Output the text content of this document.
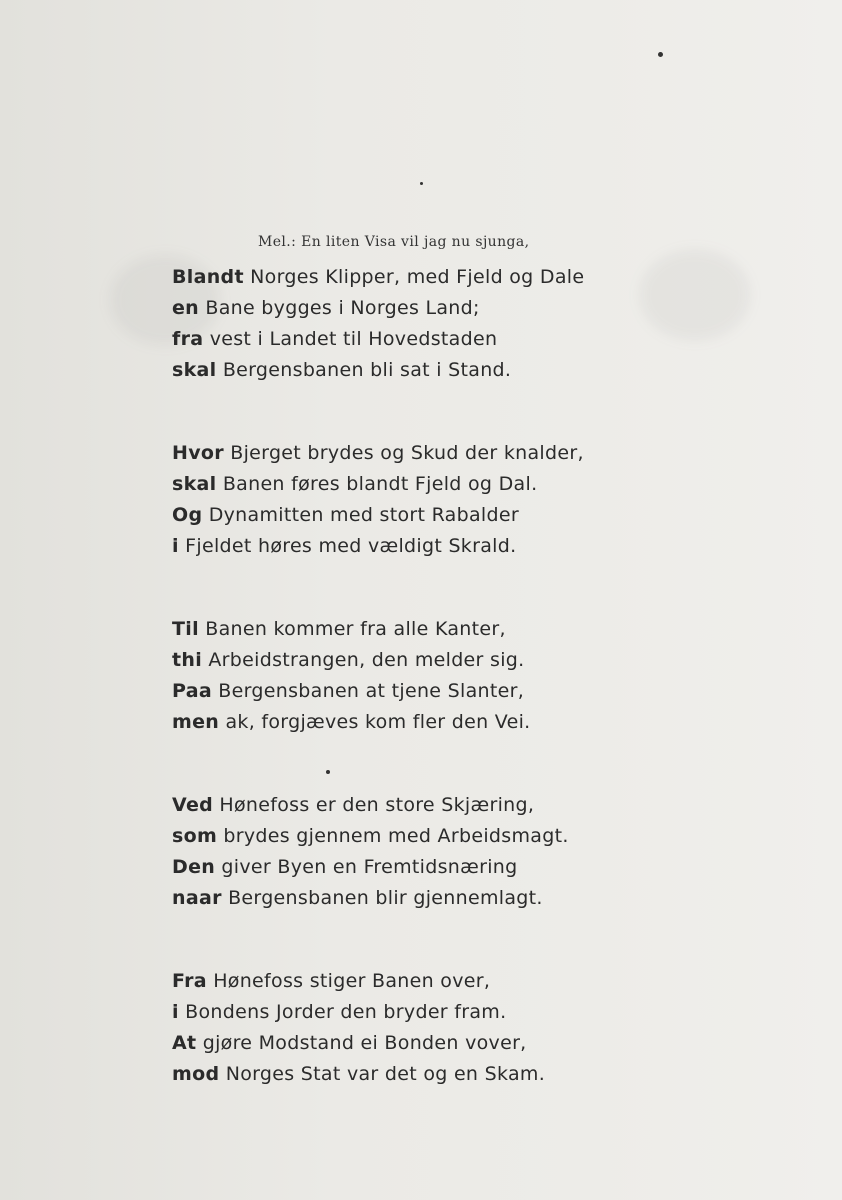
Mel.: En liten Visa vil jag nu sjunga,
Blandt Norges Klipper, med Fjeld og Dale
en Bane bygges i Norges Land;
fra vest i Landet til Hovedstaden
skal Bergensbanen bli sat i Stand.
Hvor Bjerget brydes og Skud der knalder,
skal Banen føres blandt Fjeld og Dal.
Og Dynamitten med stort Rabalder
i Fjeldet høres med vældigt Skrald.
Til Banen kommer fra alle Kanter,
thi Arbeidstrangen, den melder sig.
Paa Bergensbanen at tjene Slanter,
men ak, forgjæves kom fler den Vei.
Ved Hønefoss er den store Skjæring,
som brydes gjennem med Arbeidsmagt.
Den giver Byen en Fremtidsnæring
naar Bergensbanen blir gjennemlagt.
Fra Hønefoss stiger Banen over,
i Bondens Jorder den bryder fram.
At gjøre Modstand ei Bonden vover,
mod Norges Stat var det og en Skam.
